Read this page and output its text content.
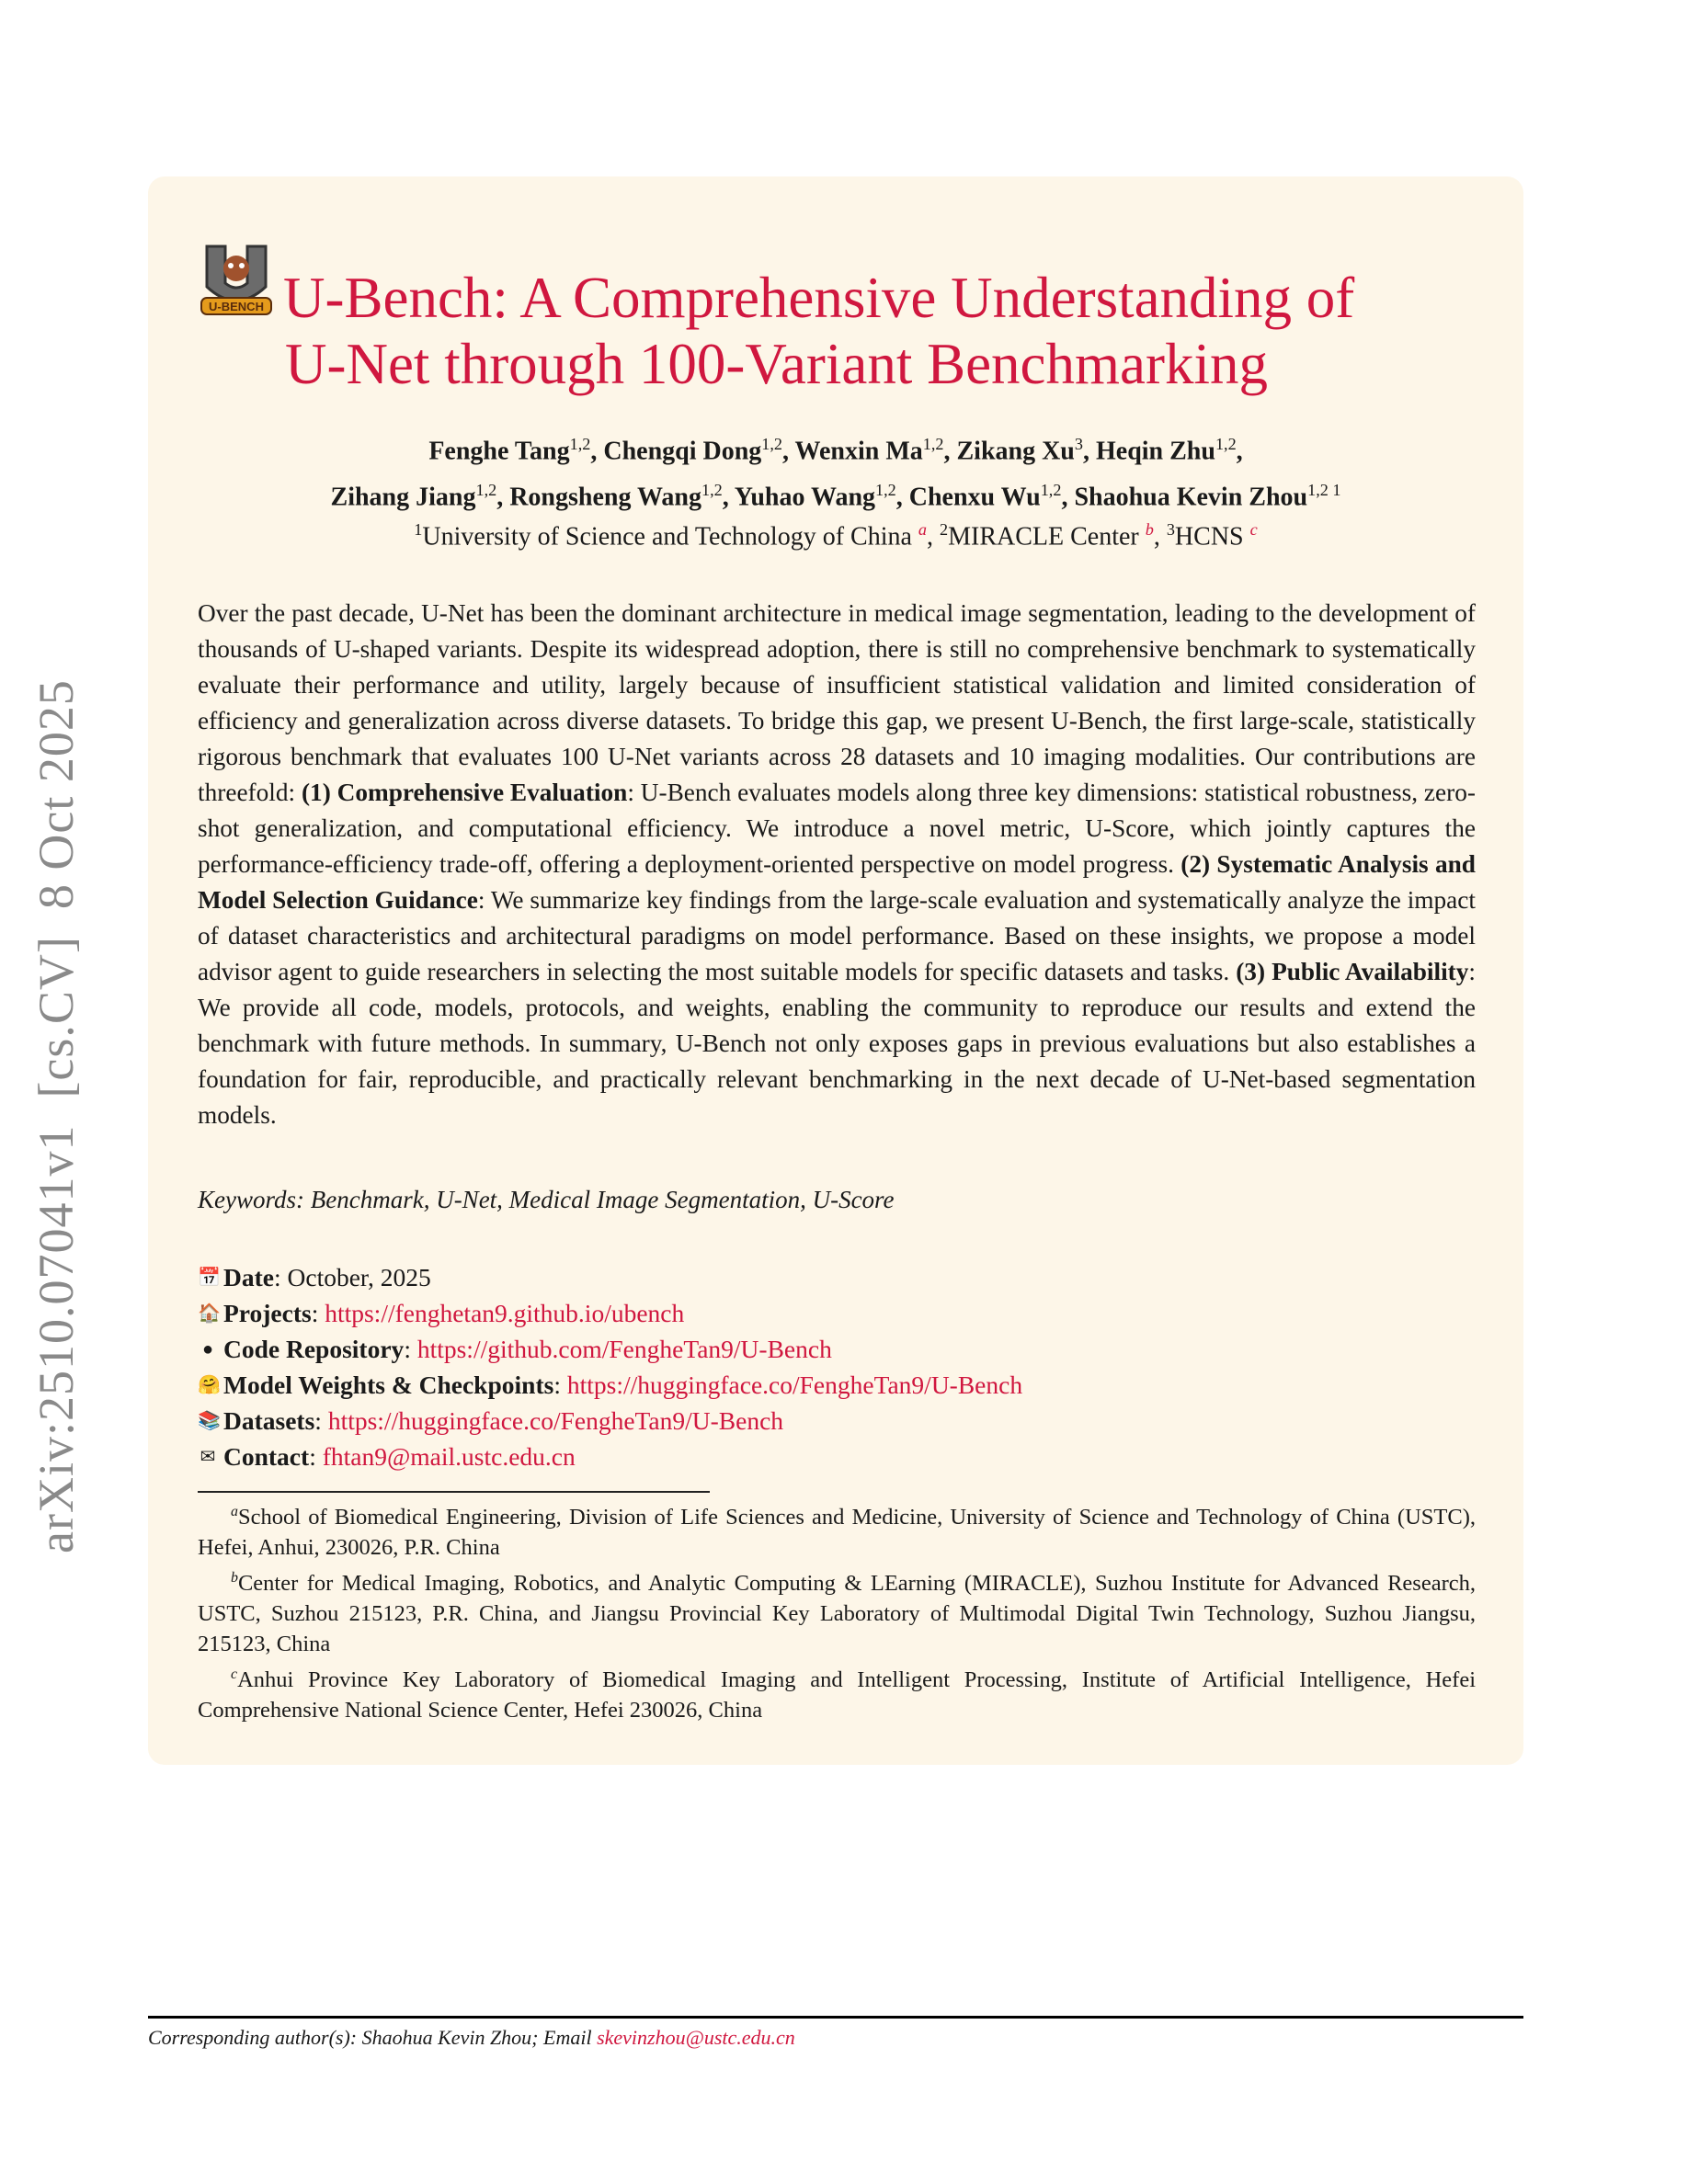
arXiv:2510.07041v1  [cs.CV]  8 Oct 2025
U-BENCH U-Bench: A Comprehensive Understanding of
U-Net through 100-Variant Benchmarking
Fenghe Tang$^{1,2}$, Chengqi Dong$^{1,2}$, Wenxin Ma$^{1,2}$, Zikang Xu$^3$, Heqin Zhu$^{1,2}$,
Zihang Jiang$^{1,2}$, Rongsheng Wang$^{1,2}$, Yuhao Wang$^{1,2}$, Chenxu Wu$^{1,2}$, Shaohua Kevin Zhou$^{1,2 1}$
$^1$University of Science and Technology of China $^a$, $^2$MIRACLE Center $^b$, $^3$HCNS $^c$
Over the past decade, U-Net has been the dominant architecture in medical image segmentation, leading to the development of thousands of U-shaped variants. Despite its widespread adoption, there is still no comprehensive benchmark to systematically evaluate their performance and utility, largely because of insufficient statistical validation and limited consideration of efficiency and generalization across diverse datasets. To bridge this gap, we present U-Bench, the first large-scale, statistically rigorous benchmark that evaluates 100 U-Net variants across 28 datasets and 10 imaging modalities. Our contributions are threefold: (1) Comprehensive Evaluation: U-Bench evaluates models along three key dimensions: statistical robustness, zero-shot generalization, and computational efficiency. We introduce a novel metric, U-Score, which jointly captures the performance-efficiency trade-off, offering a deployment-oriented perspective on model progress. (2) Systematic Analysis and Model Selection Guidance: We summarize key findings from the large-scale evaluation and systematically analyze the impact of dataset characteristics and architectural paradigms on model performance. Based on these insights, we propose a model advisor agent to guide researchers in selecting the most suitable models for specific datasets and tasks. (3) Public Availability: We provide all code, models, protocols, and weights, enabling the community to reproduce our results and extend the benchmark with future methods. In summary, U-Bench not only exposes gaps in previous evaluations but also establishes a foundation for fair, reproducible, and practically relevant benchmarking in the next decade of U-Net-based segmentation models.
Keywords: Benchmark, U-Net, Medical Image Segmentation, U-Score
📅 Date: October, 2025
🏠 Projects: https://fenghetan9.github.io/ubench
● Code Repository: https://github.com/FengheTan9/U-Bench
🤗 Model Weights & Checkpoints: https://huggingface.co/FengheTan9/U-Bench
📚 Datasets: https://huggingface.co/FengheTan9/U-Bench
✉ Contact: fhtan9@mail.ustc.edu.cn

$^a$School of Biomedical Engineering, Division of Life Sciences and Medicine, University of Science and Technology of China (USTC), Hefei, Anhui, 230026, P.R. China

$^b$Center for Medical Imaging, Robotics, and Analytic Computing & LEarning (MIRACLE), Suzhou Institute for Advanced Research, USTC, Suzhou 215123, P.R. China, and Jiangsu Provincial Key Laboratory of Multimodal Digital Twin Technology, Suzhou Jiangsu, 215123, China

$^c$Anhui Province Key Laboratory of Biomedical Imaging and Intelligent Processing, Institute of Artificial Intelligence, Hefei Comprehensive National Science Center, Hefei 230026, China

Corresponding author(s): Shaohua Kevin Zhou; Email skevinzhou@ustc.edu.cn
